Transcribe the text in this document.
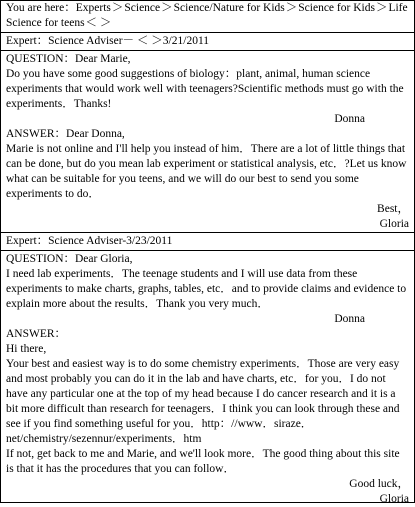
You are here：Experts＞Science＞Science/Nature for Kids＞Science for Kids＞Life Science for teens＜ ＞
Expert：Science Adviser－ ＜ ＞3/21/2011

QUESTION：Dear Marie,

Do you have some good suggestions of biology：plant, animal, human science experiments that would work well with teenagers?Scientific methods must go with the experiments．Thanks!

Donna

ANSWER：Dear Donna,

Marie is not online and I'll help you instead of him．There are a lot of little things that can be done, but do you mean lab experiment or statistical analysis, etc．?Let us know what can be suitable for you teens, and we will do our best to send you some experiments to do．

Best，

Gloria

Expert：Science Adviser-3/23/2011

QUESTION：Dear Gloria,

I need lab experiments．The teenage students and I will use data from these experiments to make charts, graphs, tables, etc．and to provide claims and evidence to explain more about the results．Thank you very much．

Donna

ANSWER：

Hi there,

Your best and easiest way is to do some chemistry experiments．Those are very easy and most probably you can do it in the lab and have charts, etc．for you．I do not have any particular one at the top of my head because I do cancer research and it is a bit more difficult than research for teenagers．I think you can look through these and see if you find something useful for you．http：//www．siraze．net/chemistry/sezennur/experiments．htm

If not, get back to me and Marie, and we'll look more．The good thing about this site is that it has the procedures that you can follow．

Good luck，

Gloria
